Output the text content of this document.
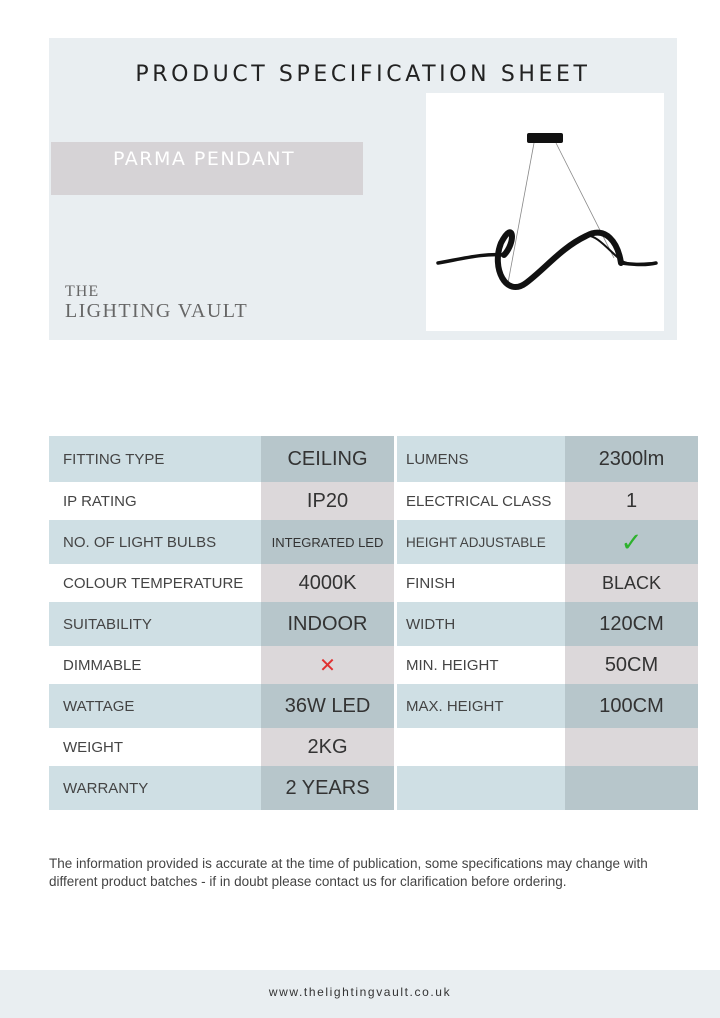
PRODUCT SPECIFICATION SHEET
PARMA PENDANT
THE
LIGHTING VAULT
FITTING TYPE	CEILING		LUMENS	2300lm
IP RATING	IP20		ELECTRICAL CLASS	1
NO. OF LIGHT BULBS	INTEGRATED LED		HEIGHT ADJUSTABLE	✓
COLOUR TEMPERATURE	4000K		FINISH	BLACK
SUITABILITY	INDOOR		WIDTH	120CM
DIMMABLE	✕		MIN. HEIGHT	50CM
WATTAGE	36W LED		MAX. HEIGHT	100CM
WEIGHT	2KG			
WARRANTY	2 YEARS			
The information provided is accurate at the time of publication, some specifications may change with different product batches - if in doubt please contact us for clarification before ordering.
www.thelightingvault.co.uk
